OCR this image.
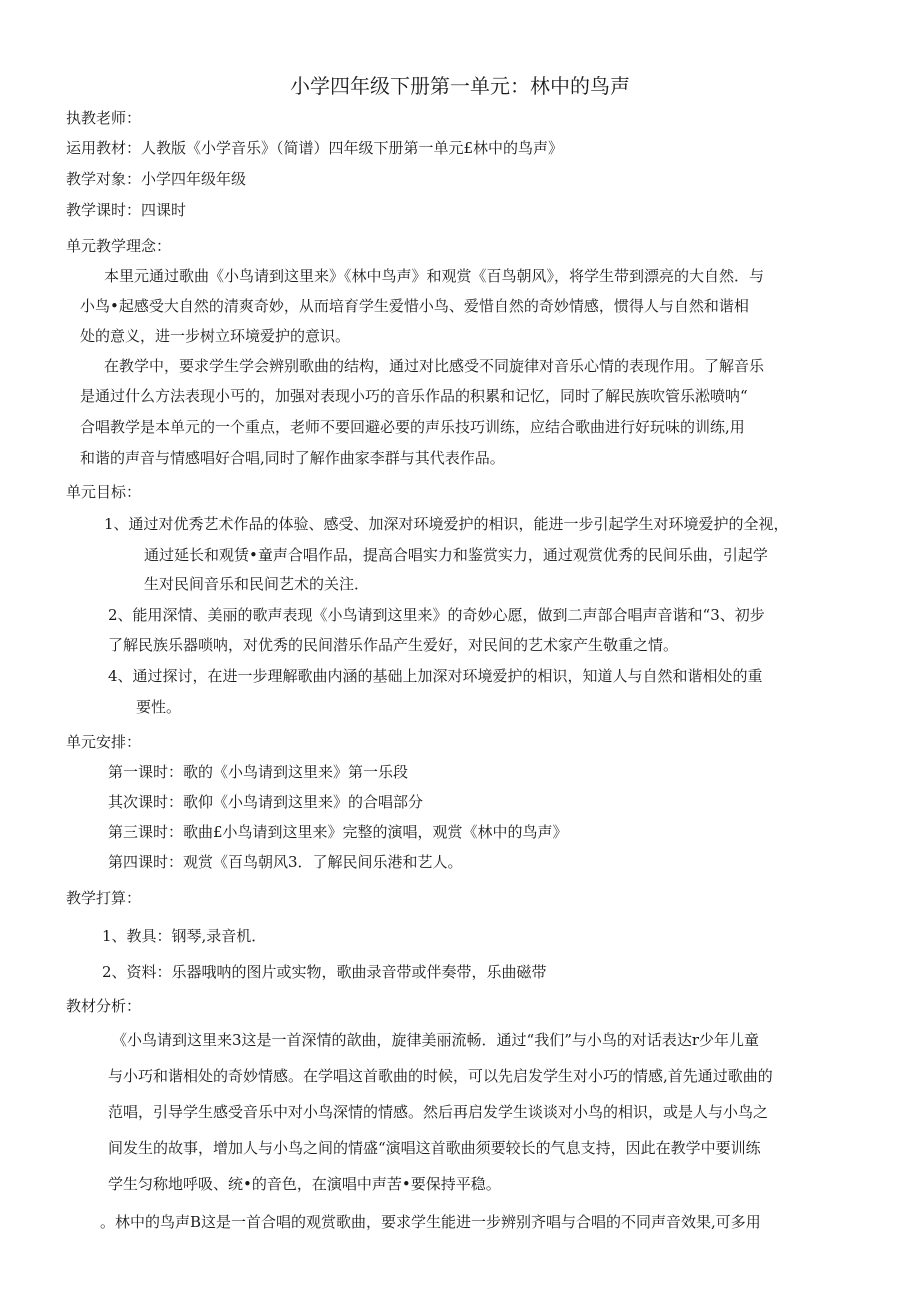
小学四年级下册第一单元：林中的鸟声
执教老师：
运用教材：人教版《小学音乐》（简谱）四年级下册第一单元£林中的鸟声》
教学对象：小学四年级年级
教学课时：四课时
单元教学理念：
本里元通过歌曲《小鸟请到这里来》《林中鸟声》和观赏《百鸟朝风》，将学生带到漂亮的大自然．与
小鸟•起感受大自然的清爽奇妙，从而培育学生爱惜小鸟、爱惜自然的奇妙情感，惯得人与自然和谐相
处的意义，进一步树立环境爱护的意识。
在教学中，要求学生学会辨别歌曲的结构，通过对比感受不同旋律对音乐心情的表现作用。了解音乐
是通过什么方法表现小丐的，加强对表现小巧的音乐作品的积累和记忆，同时了解民族吹管乐淞喷呐“
合唱教学是本单元的一个重点，老师不要回避必要的声乐技巧训练，应结合歌曲进行好玩味的训练,用
和谐的声音与情感唱好合唱,同时了解作曲家李群与其代表作品。
单元目标：
1、通过对优秀艺术作品的体验、感受、加深对环境爱护的相识，能进一步引起学生对环境爱护的全视，
通过延长和观赁•童声合唱作品，提高合唱实力和鉴赏实力，通过观赏优秀的民间乐曲，引起学
生对民间音乐和民间艺术的关注．
2、能用深情、美丽的歌声表现《小鸟请到这里来》的奇妙心愿，做到二声部合唱声音谐和“3、初步
了解民族乐器唢呐，对优秀的民间潜乐作品产生爱好，对民间的艺术家产生敬重之情。
4、通过探讨，在进一步理解歌曲内涵的基础上加深对环境爱护的相识，知道人与自然和谐相处的重
要性。
单元安排：
第一课时：歌的《小鸟请到这里来》第一乐段
其次课时：歌仰《小鸟请到这里来》的合唱部分
第三课时：歌曲£小鸟请到这里来》完整的演唱，观赏《林中的鸟声》
第四课时：观赏《百鸟朝风3．了解民间乐港和艺人。
教学打算：
1、教具：钢琴,录音机．
2、资料：乐器哦呐的图片或实物，歌曲录音带或伴奏带，乐曲磁带
教材分析：
《小鸟请到这里来3这是一首深情的歆曲，旋律美丽流畅．通过“我们”与小鸟的对话表达r少年儿童
与小巧和谐相处的奇妙情感。在学唱这首歌曲的时候，可以先启发学生对小巧的情感,首先通过歌曲的
范唱，引导学生感受音乐中对小鸟深情的情感。然后再启发学生谈谈对小鸟的相识，或是人与小鸟之
间发生的故事，增加人与小鸟之间的情盛“演唱这首歌曲须要较长的气息支持，因此在教学中要训练
学生匀称地呼吸、统•的音色，在演唱中声苦•要保持平稳。
。林中的鸟声B这是一首合唱的观赏歌曲，要求学生能进一步辨别齐唱与合唱的不同声音效果,可多用
